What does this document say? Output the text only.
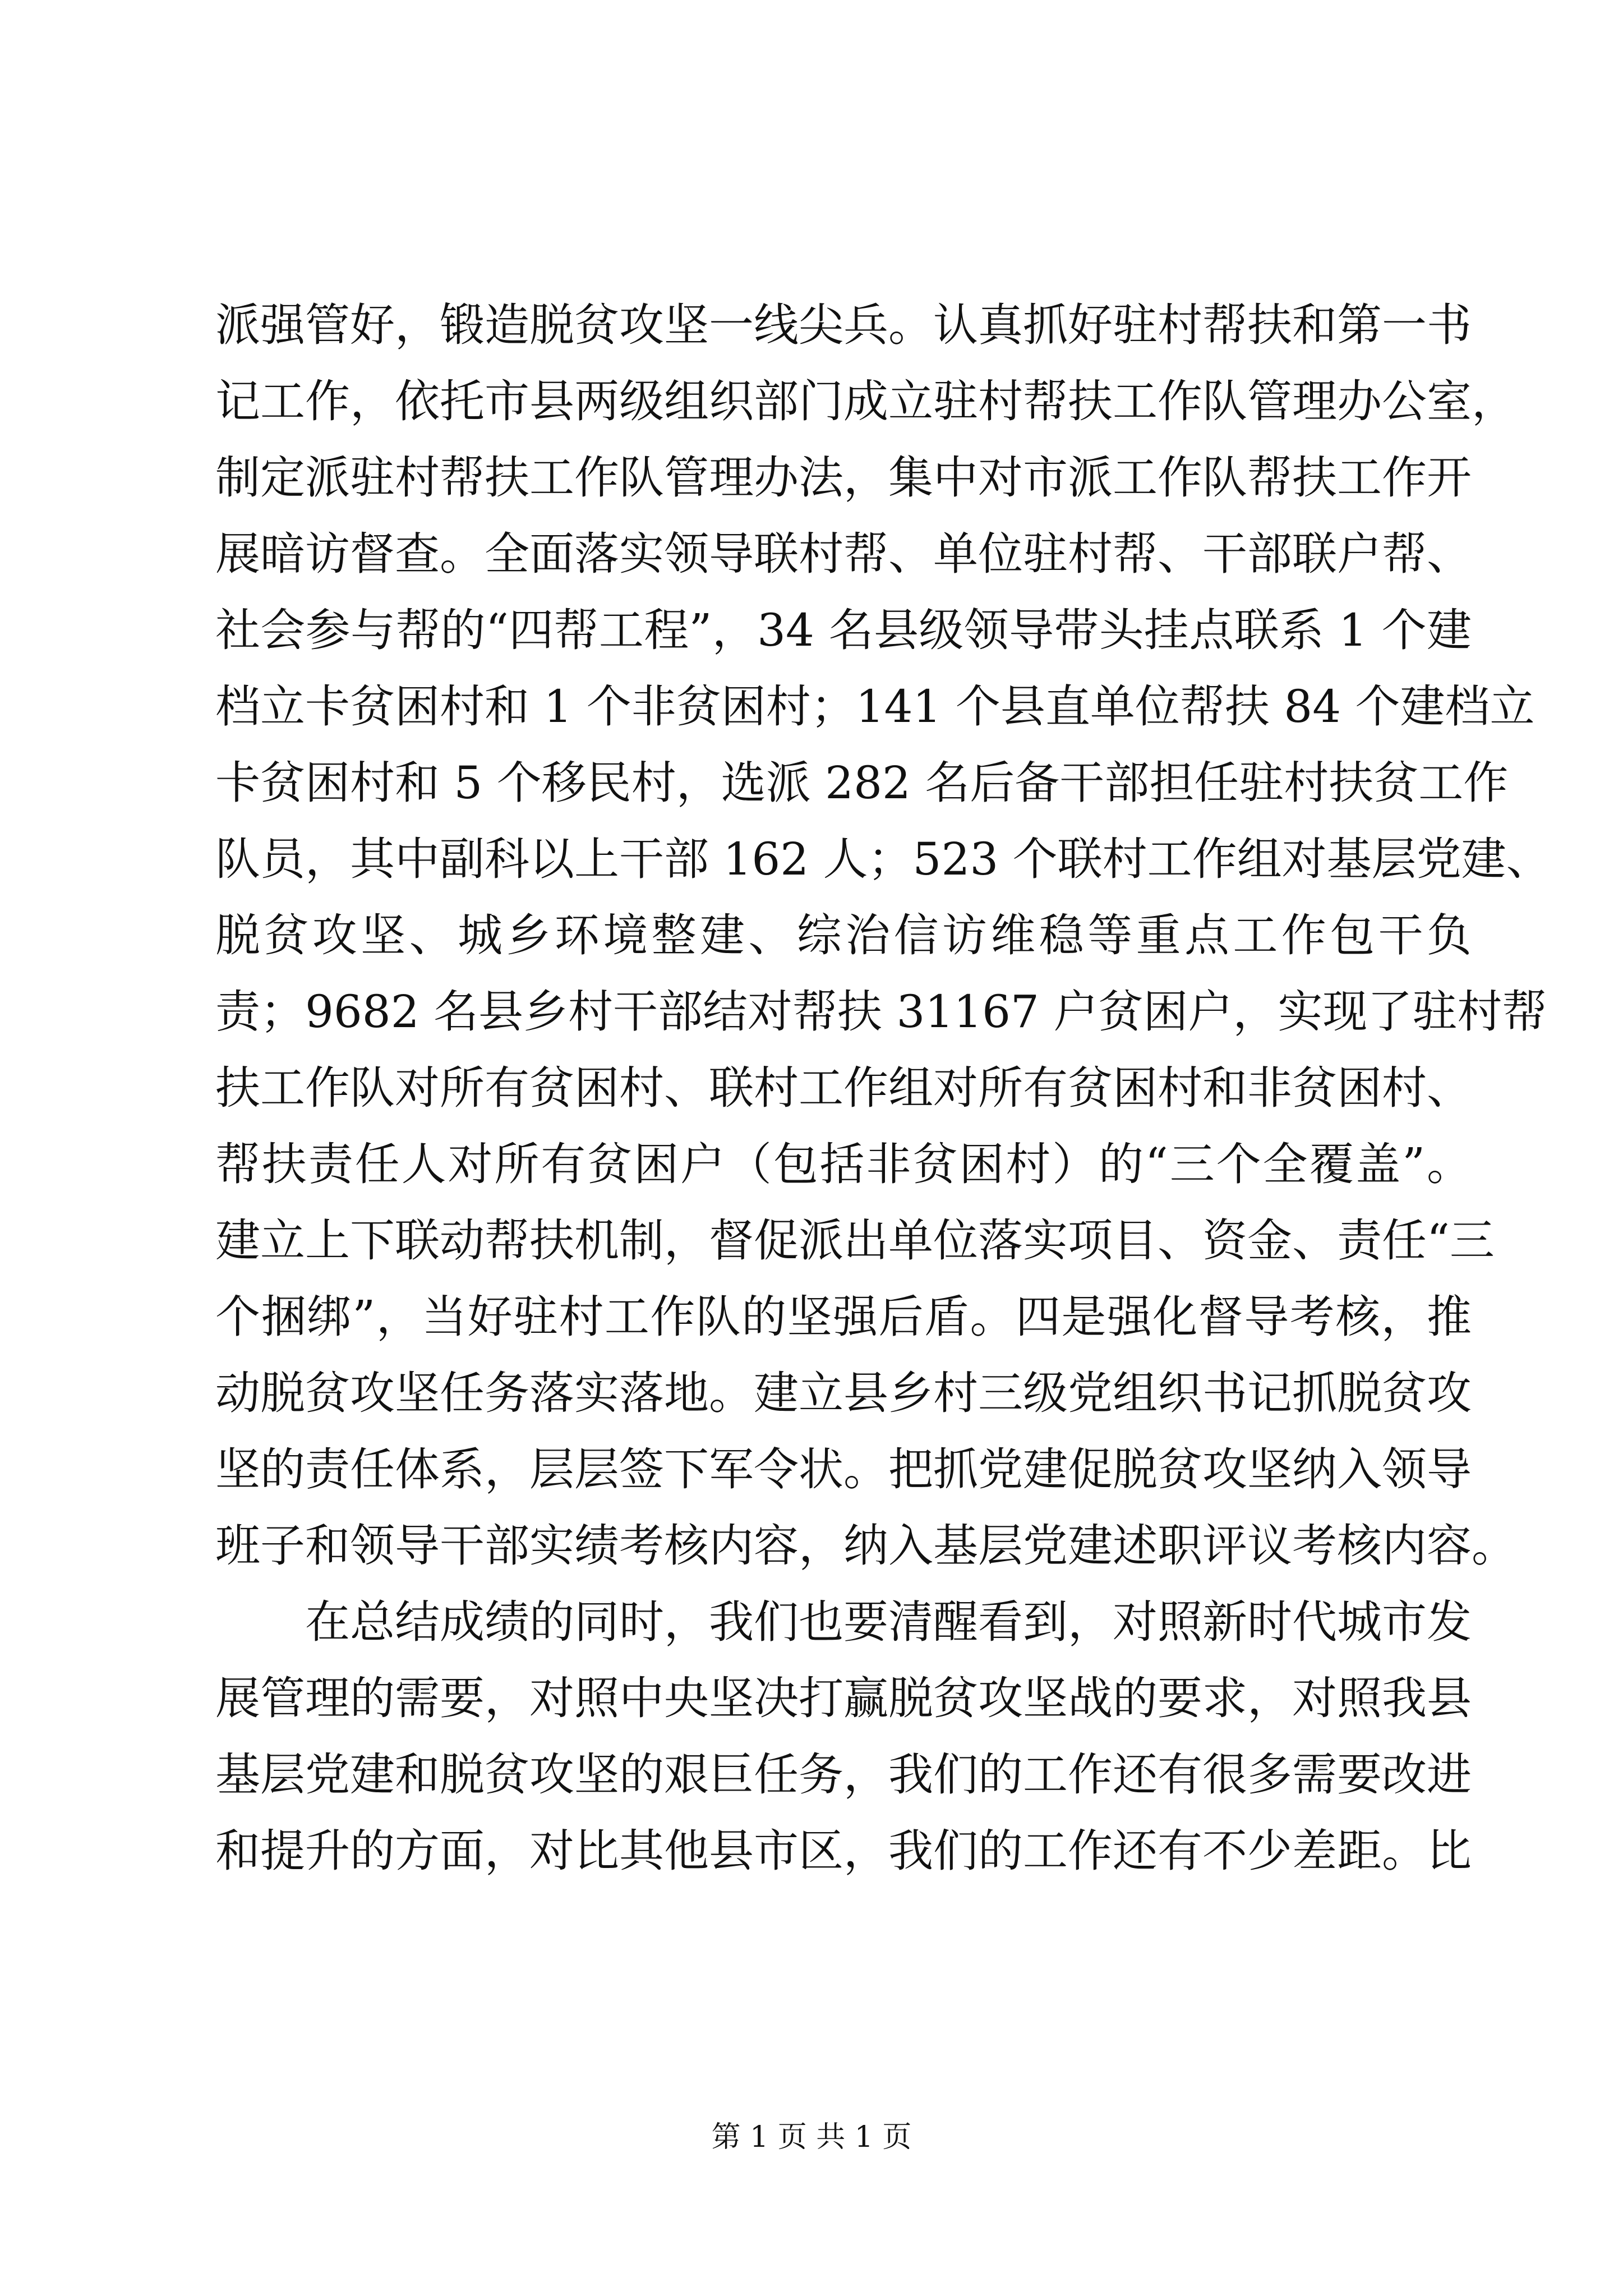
派强管好，锻造脱贫攻坚一线尖兵。认真抓好驻村帮扶和第一书
记工作，依托市县两级组织部门成立驻村帮扶工作队管理办公室，
制定派驻村帮扶工作队管理办法，集中对市派工作队帮扶工作开
展暗访督查。全面落实领导联村帮、单位驻村帮、干部联户帮、
社会参与帮的“四帮工程”，34 名县级领导带头挂点联系 1 个建
档立卡贫困村和 1 个非贫困村；141 个县直单位帮扶 84 个建档立
卡贫困村和 5 个移民村，选派 282 名后备干部担任驻村扶贫工作
队员，其中副科以上干部 162 人；523 个联村工作组对基层党建、
脱贫攻坚、城乡环境整建、综治信访维稳等重点工作包干负
责；9682 名县乡村干部结对帮扶 31167 户贫困户，实现了驻村帮
扶工作队对所有贫困村、联村工作组对所有贫困村和非贫困村、
帮扶责任人对所有贫困户（包括非贫困村）的“三个全覆盖”。
建立上下联动帮扶机制，督促派出单位落实项目、资金、责任“三
个捆绑”，当好驻村工作队的坚强后盾。四是强化督导考核，推
动脱贫攻坚任务落实落地。建立县乡村三级党组织书记抓脱贫攻
坚的责任体系，层层签下军令状。把抓党建促脱贫攻坚纳入领导
班子和领导干部实绩考核内容，纳入基层党建述职评议考核内容。
在总结成绩的同时，我们也要清醒看到，对照新时代城市发
展管理的需要，对照中央坚决打赢脱贫攻坚战的要求，对照我县
基层党建和脱贫攻坚的艰巨任务，我们的工作还有很多需要改进
和提升的方面，对比其他县市区，我们的工作还有不少差距。比
第 1 页 共 1 页
